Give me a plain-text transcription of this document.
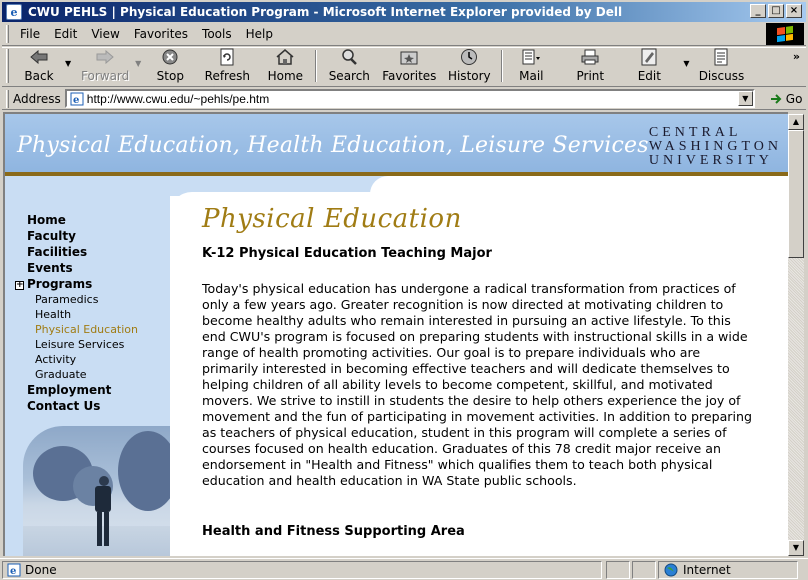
e CWU PEHLS | Physical Education Program - Microsoft Internet Explorer provided by Dell	_	□ ×
File	Edit	View	Favorites	Tools	Help
Back
▼
Forward
▼
Stop Refresh Home Search Favorites History Mail	Print	Edit
▼
Discuss
»
Address e
http://www.cwu.edu/~pehls/pe.htm	▼	Go
Physical Education, Health Education, Leisure Services
CENTRAL
WASHINGTON
UNIVERSITY
Home
Faculty
Facilities
Events
+ Programs
Paramedics
Health
Physical Education
Leisure Services
Activity
Graduate
Employment
Contact Us
Physical Education
K-12 Physical Education Teaching Major

Today's physical education has undergone a radical transformation from practices of only a few years ago. Greater recognition is now directed at motivating children to become healthy adults who remain interested in pursuing an active lifestyle. To this end CWU's program is focused on preparing students with instructional skills in a wide range of health promoting activities. Our goal is to prepare individuals who are primarily interested in becoming effective teachers and will dedicate themselves to helping children of all ability levels to become competent, skillful, and motivated movers. We strive to instill in students the desire to help others experience the joy of movement and the fun of participating in movement activities. In addition to preparing as teachers of physical education, student in this program will complete a series of courses focused on health education. Graduates of this 78 credit major receive an endorsement in "Health and Fitness" which qualifies them to teach both physical education and health education in WA State public schools.

Health and Fitness Supporting Area
▲
▼
e Done	Internet
